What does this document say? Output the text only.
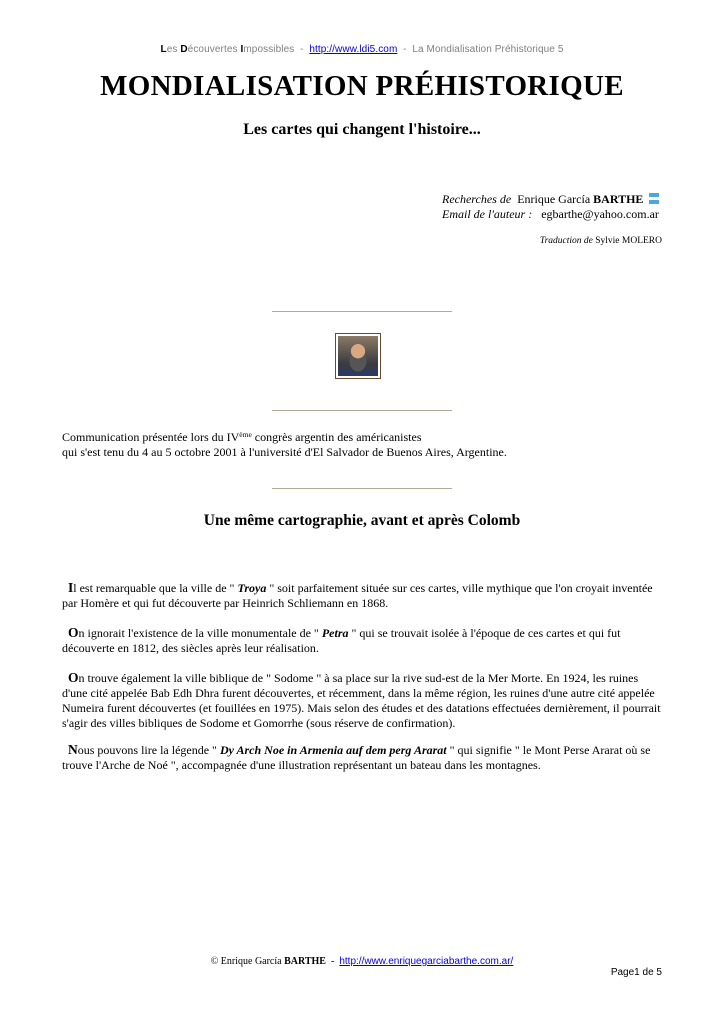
Les Découvertes Impossibles  -  http://www.ldi5.com  -  La Mondialisation Préhistorique 5
MONDIALISATION PRÉHISTORIQUE
Les cartes qui changent l'histoire...
Recherches de Enrique García BARTHE
Email de l'auteur : egbarthe@yahoo.com.ar
Traduction de Sylvie MOLERO
Communication présentée lors du IVème congrès argentin des américanistes
qui s'est tenu du 4 au 5 octobre 2001 à l'université d'El Salvador de Buenos Aires, Argentine.
Une même cartographie, avant et après Colomb
Il est remarquable que la ville de " Troya " soit parfaitement située sur ces cartes, ville mythique que l'on croyait inventée par Homère et qui fut découverte par Heinrich Schliemann en 1868.
On ignorait l'existence de la ville monumentale de " Petra " qui se trouvait isolée à l'époque de ces cartes et qui fut découverte en 1812, des siècles après leur réalisation.
On trouve également la ville biblique de " Sodome " à sa place sur la rive sud-est de la Mer Morte. En 1924, les ruines d'une cité appelée Bab Edh Dhra furent découvertes, et récemment, dans la même région, les ruines d'une autre cité appelée Numeira furent découvertes (et fouillées en 1975). Mais selon des études et des datations effectuées dernièrement, il pourrait s'agir des villes bibliques de Sodome et Gomorrhe (sous réserve de confirmation).
Nous pouvons lire la légende " Dy Arch Noe in Armenia auf dem perg Ararat " qui signifie " le Mont Perse Ararat où se trouve l'Arche de Noé ", accompagnée d'une illustration représentant un bateau dans les montagnes.
© Enrique García BARTHE  -  http://www.enriquegarciabarthe.com.ar/
Page1 de 5
